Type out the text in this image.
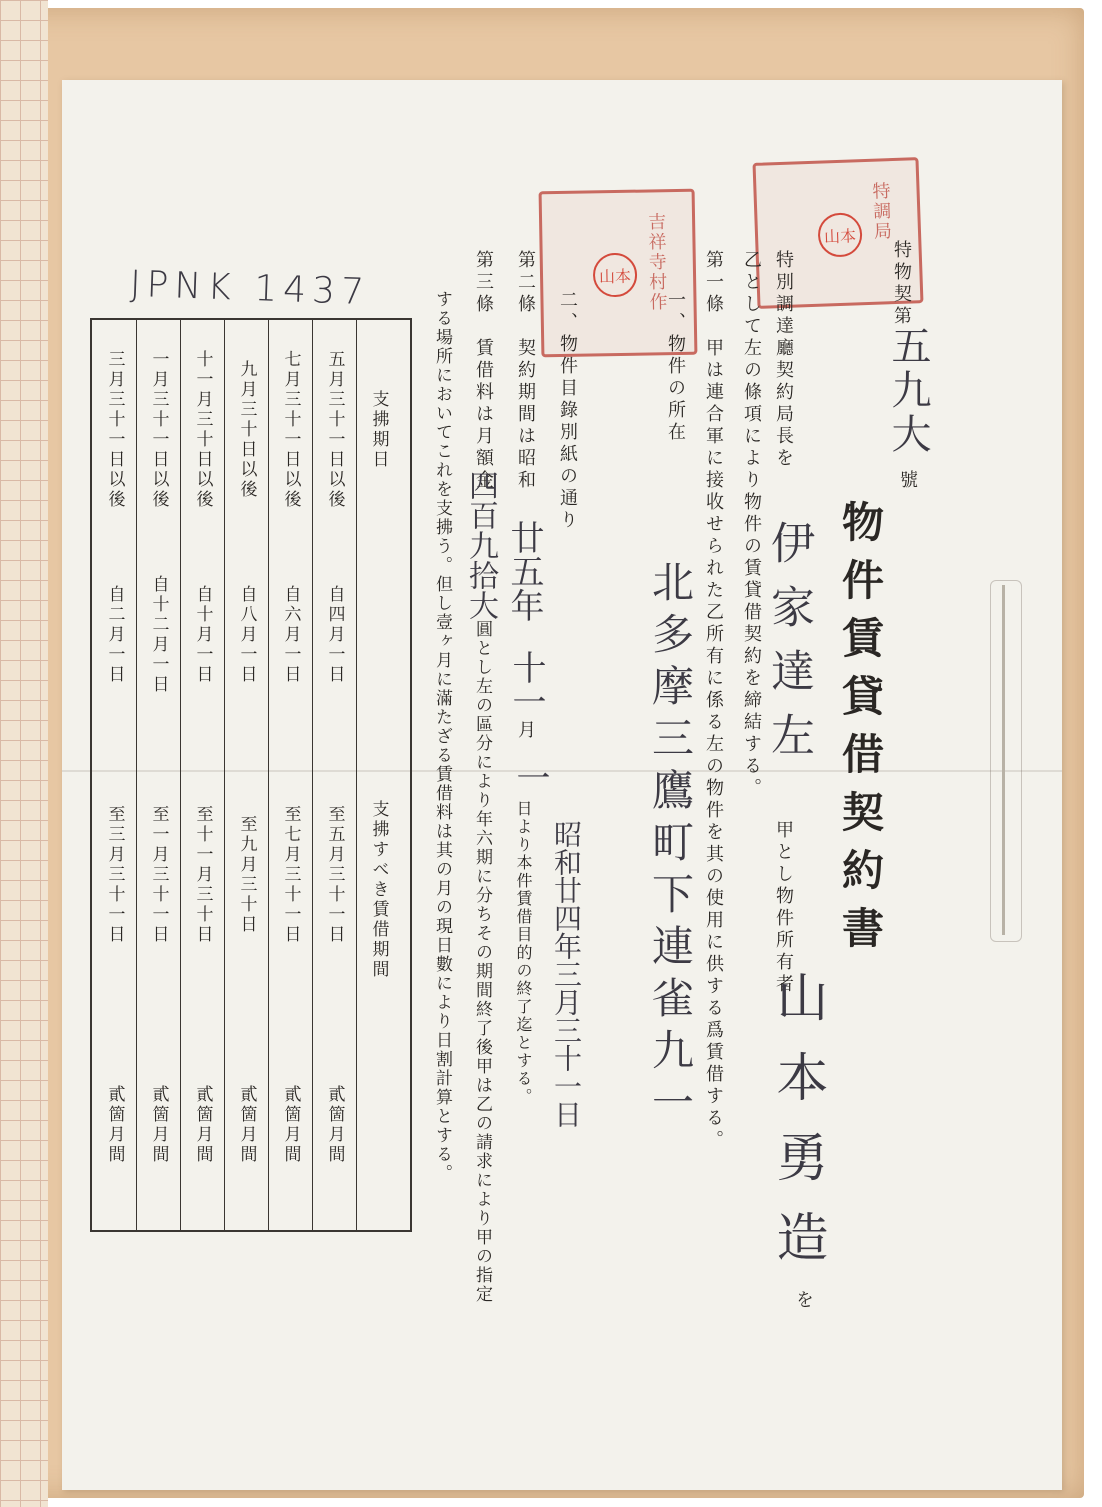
JPNK 1437
山本 特調局
山本 吉祥寺村作	特物契第
五九大
號
物件賃貸借契約書
特別調達廳契約局長を
伊家達左
甲とし物件所有者
山本勇造
を
乙として左の條項により物件の賃貸借契約を締結する。
第一條　甲は連合軍に接收せられた乙所有に係る左の物件を其の使用に供する爲賃借する。
一、物件の所在
北多摩三鷹町下連雀九一
二、物件目錄別紙の通り
第二條　契約期間は昭和
廿五年
十一
月
一
日より本件賃借目的の終了迄とする。 昭和廿四年三月三十一日
第三條　賃借料は月額金
四百九拾大
圓とし左の區分により年六期に分ちその期間終了後甲は乙の請求により甲の指定
する場所においてこれを支拂う。但し壹ヶ月に滿たざる賃借料は其の月の現日數により日割計算とする。
支拂期日
支拂すべき賃借期間
五月三十一日以後
自四月一日
至五月三十一日
貳箇月間
七月三十一日以後
自六月一日
至七月三十一日
貳箇月間
九月三十日以後
自八月一日
至九月三十日
貳箇月間
十一月三十日以後
自十月一日
至十一月三十日
貳箇月間
一月三十一日以後
自十二月一日
至一月三十一日
貳箇月間
三月三十一日以後
自二月一日
至三月三十一日
貳箇月間
